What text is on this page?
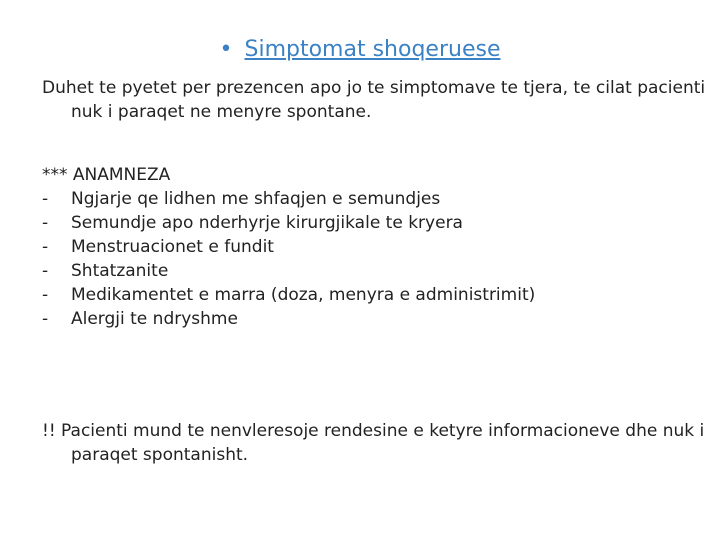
• Simptomat shoqeruese
Duhet te pyetet per prezencen apo jo te simptomave te tjera, te cilat pacienti nuk i paraqet ne menyre spontane.
*** ANAMNEZA
-	Ngjarje qe lidhen me shfaqjen e semundjes
-	Semundje apo nderhyrje kirurgjikale te kryera
-	Menstruacionet e fundit
-	Shtatzanite
-	Medikamentet e marra (doza, menyra e administrimit)
-	Alergji te ndryshme
!! Pacienti mund te nenvleresoje rendesine e ketyre informacioneve dhe nuk i paraqet spontanisht.
